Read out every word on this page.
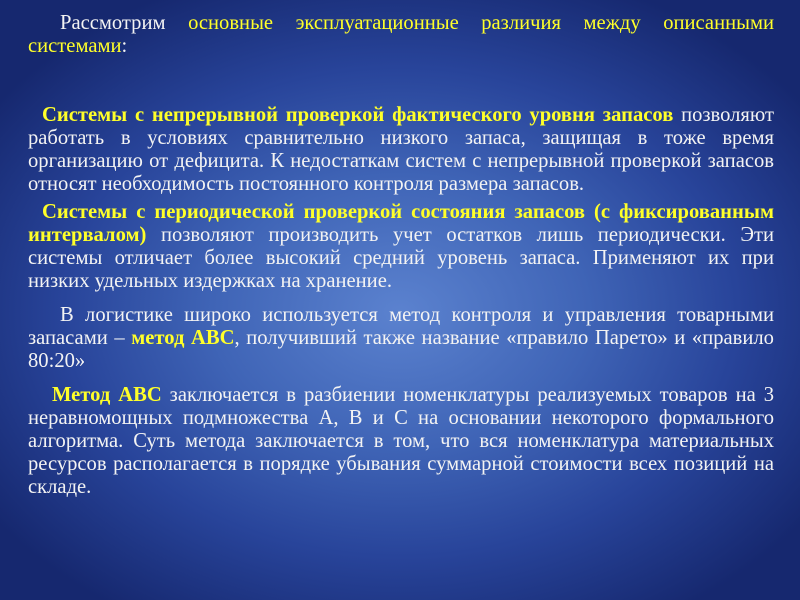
Рассмотрим основные эксплуатационные различия между описанными системами:

Системы с непрерывной проверкой фактического уровня запасов позволяют работать в условиях сравнительно низкого запаса, защищая в тоже время организацию от дефицита. К недостаткам систем с непрерывной проверкой запасов относят необходимость постоянного контроля размера запасов.

Системы с периодической проверкой состояния запасов (с фиксированным интервалом) позволяют производить учет остатков лишь периодически. Эти системы отличает более высокий средний уровень запаса. Применяют их при низких удельных издержках на хранение.

В логистике широко используется метод контроля и управления товарными запасами – метод ABC, получивший также название «правило Парето» и «правило 80:20»

Метод ABC заключается в разбиении номенклатуры реализуемых товаров на 3 неравномощных подмножества А, В и С на основании некоторого формального алгоритма. Суть метода заключается в том, что вся номенклатура материальных ресурсов располагается в порядке убывания суммарной стоимости всех позиций на складе.
